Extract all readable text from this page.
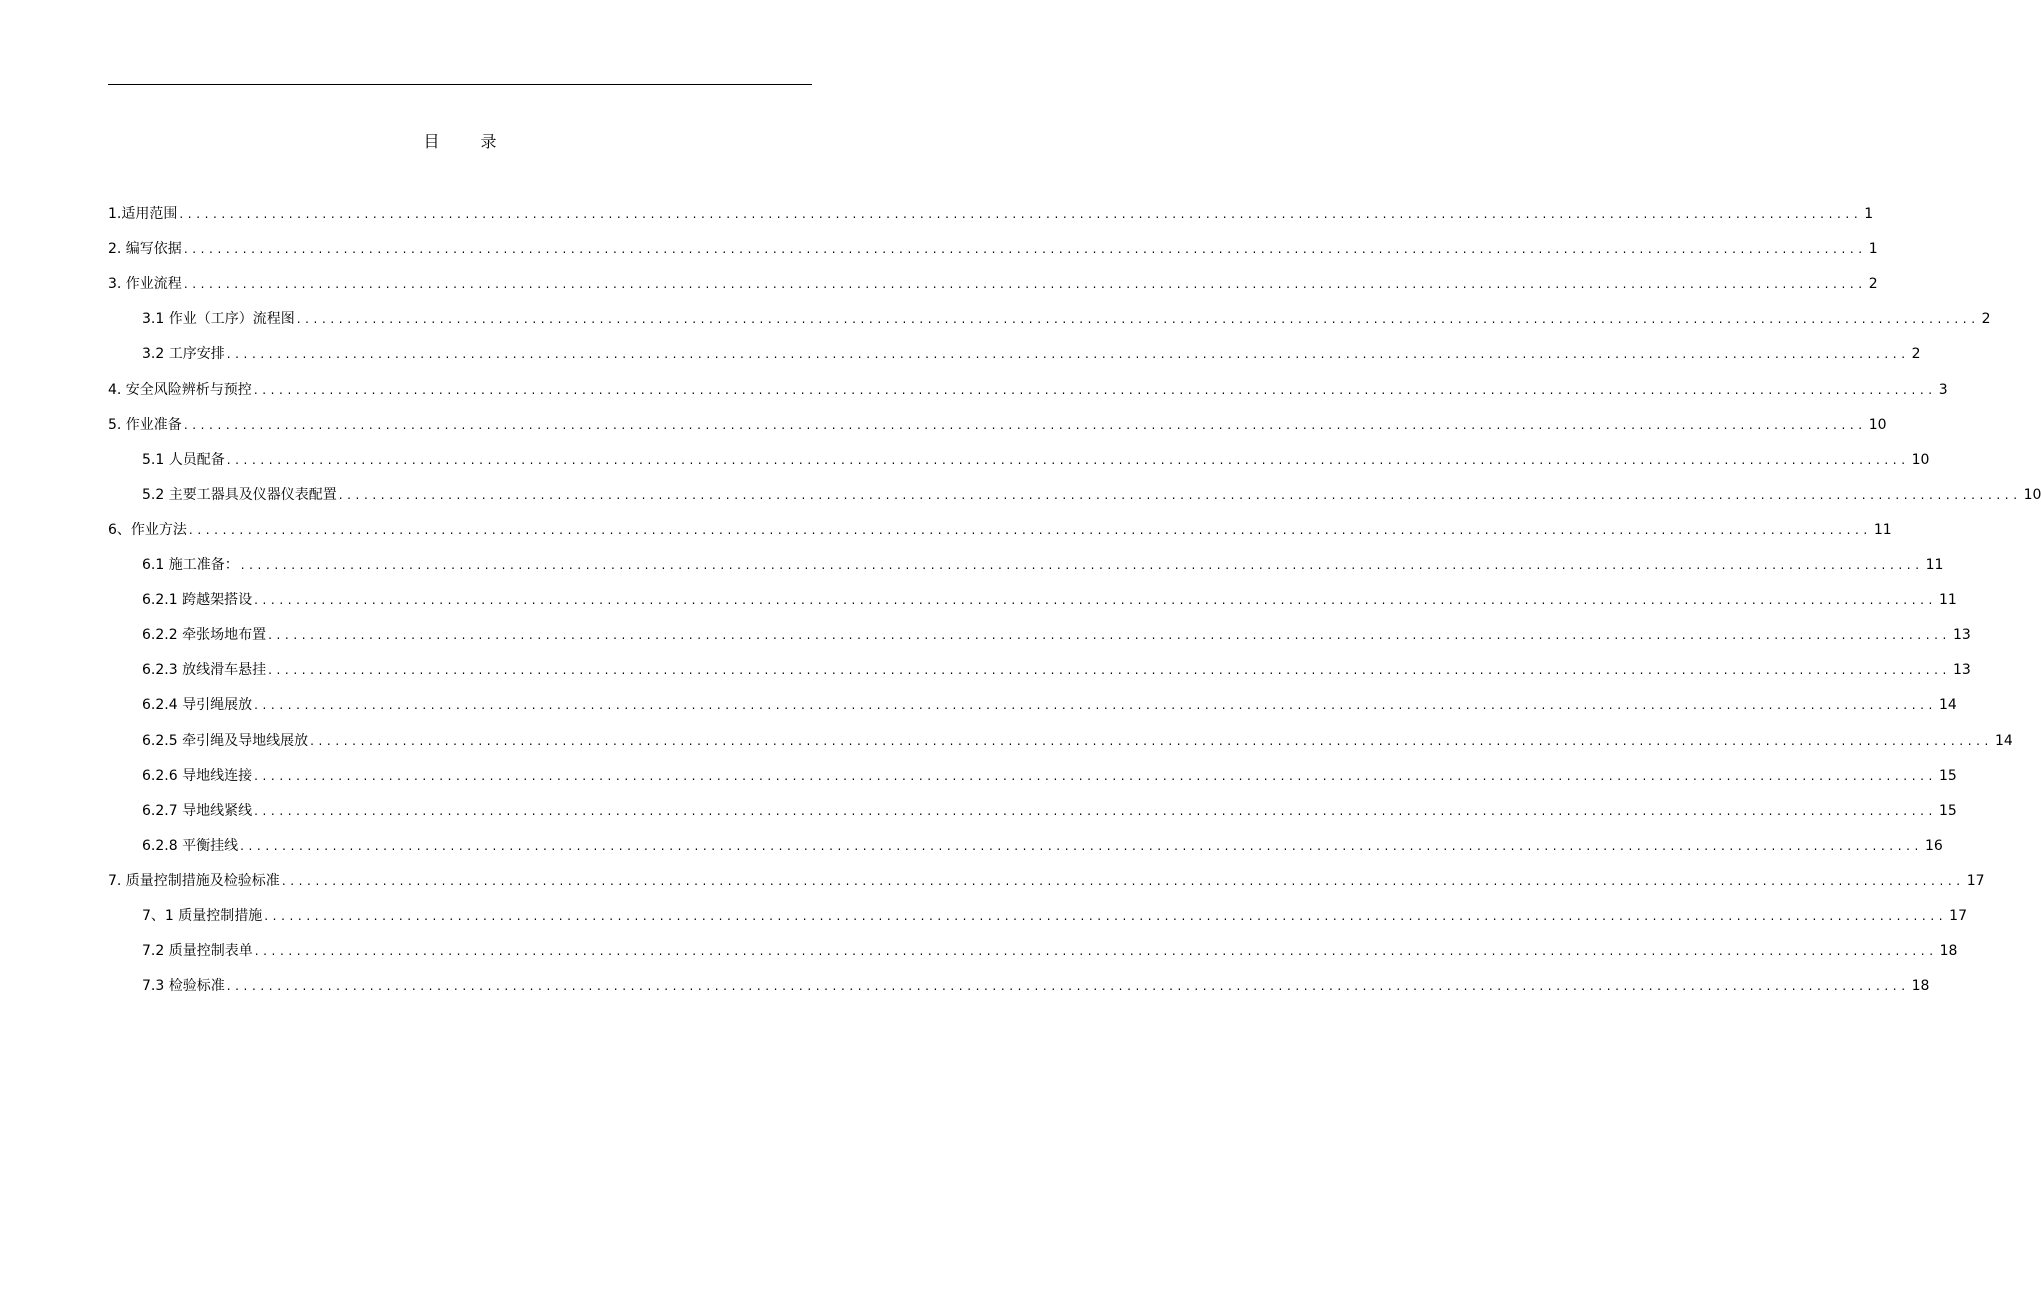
目 录
1.适用范围 ........................................................................................................................................................................................................ 1
2. 编写依据 ........................................................................................................................................................................................................ 1
3. 作业流程 ........................................................................................................................................................................................................ 2
3.1 作业（工序）流程图 ........................................................................................................................................................................................................ 2
3.2 工序安排 ........................................................................................................................................................................................................ 2
4. 安全风险辨析与预控 ........................................................................................................................................................................................................ 3
5. 作业准备 ........................................................................................................................................................................................................ 10
5.1 人员配备 ........................................................................................................................................................................................................ 10
5.2 主要工器具及仪器仪表配置 ........................................................................................................................................................................................................ 10
6、作业方法 ........................................................................................................................................................................................................ 11
6.1 施工准备： ........................................................................................................................................................................................................ 11
6.2.1 跨越架搭设 ........................................................................................................................................................................................................ 11
6.2.2 牵张场地布置 ........................................................................................................................................................................................................ 13
6.2.3 放线滑车悬挂 ........................................................................................................................................................................................................ 13
6.2.4 导引绳展放 ........................................................................................................................................................................................................ 14
6.2.5 牵引绳及导地线展放 ........................................................................................................................................................................................................ 14
6.2.6 导地线连接 ........................................................................................................................................................................................................ 15
6.2.7 导地线紧线 ........................................................................................................................................................................................................ 15
6.2.8 平衡挂线 ........................................................................................................................................................................................................ 16
7. 质量控制措施及检验标准 ........................................................................................................................................................................................................ 17
7、1 质量控制措施 ........................................................................................................................................................................................................ 17
7.2 质量控制表单 ........................................................................................................................................................................................................ 18
7.3 检验标准 ........................................................................................................................................................................................................ 18
